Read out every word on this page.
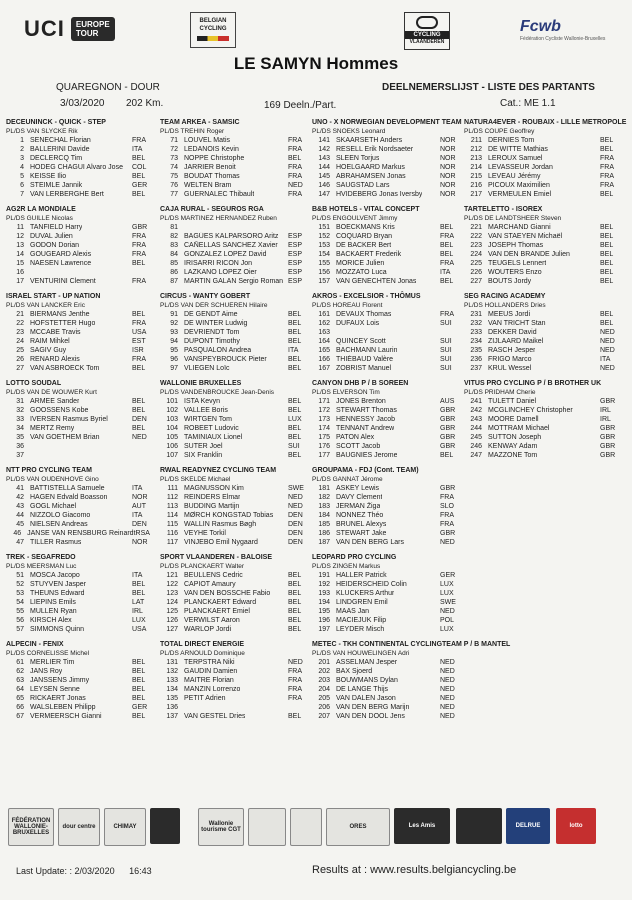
UCI	EUROPE
TOUR
BELGIAN
CYCLING
CYCLING
VLAANDEREN
Fcwb
Fédération Cycliste Wallonie-Bruxelles
LE SAMYN Hommes
QUAREGNON - DOUR	DEELNEMERSLIJST - LISTE DES PARTANTS
3/03/2020 202 Km.	169 Deeln./Part.	Cat.: ME 1.1
DECEUNINCK - QUICK - STEP
PL/DS VAN SLYCKE Rik
1 SENECHAL Florian	FRA
2 BALLERINI Davide	ITA
3 DECLERCQ Tim	BEL
4 HODEG CHAGUI Alvaro Jose COL
5 KEISSE Ilio	BEL
6 STEIMLE Jannik	GER
7 VAN LERBERGHE Bert	BEL
AG2R LA MONDIALE
PL/DS GUILLE Nicolas
11 TANFIELD Harry	GBR
12 DUVAL Julien	FRA
13 GODON Dorian	FRA
14 GOUGEARD Alexis	FRA
15 NAESEN Lawrence	BEL
16
17 VENTURINI Clement	FRA
ISRAEL START - UP NATION
PL/DS VAN LANCKER Eric
21 BIERMANS Jenthe	BEL
22 HOFSTETTER Hugo	FRA
23 MCCABE Travis	USA
24 RAIM Mihkel	EST
25 SAGIV Guy	ISR
26 RENARD Alexis	FRA
27 VAN ASBROECK Tom	BEL
LOTTO SOUDAL
PL/DS VAN DE WOUWER Kurt
31 ARMEE Sander	BEL
32 GOOSSENS Kobe	BEL
33 IVERSEN Rasmus Byriel	DEN
34 MERTZ Remy	BEL
35 VAN GOETHEM Brian	NED
36
37
NTT PRO CYCLING TEAM
PL/DS VAN OUDENHOVE Gino
41 BATTISTELLA Samuele	ITA
42 HAGEN Edvald Boasson	NOR
43 GOGL Michael	AUT
44 NIZZOLO Giacomo	ITA
45 NIELSEN Andreas	DEN
46 JANSE VAN RENSBURG Reinardt RSA
47 TILLER Rasmus	NOR
TREK - SEGAFREDO
PL/DS MEERSMAN Luc
51 MOSCA Jacopo	ITA
52 STUYVEN Jasper	BEL
53 THEUNS Edward	BEL
54 LIEPINS Emils	LAT
55 MULLEN Ryan	IRL
56 KIRSCH Alex	LUX
57 SIMMONS Quinn	USA
ALPECIN - FENIX
PL/DS CORNELISSE Michel
61 MERLIER Tim	BEL
62 JANS Roy	BEL
63 JANSSENS Jimmy	BEL
64 LEYSEN Senne	BEL
65 RICKAERT Jonas	BEL
66 WALSLEBEN Philipp	GER
67 VERMEERSCH Gianni	BEL
TEAM ARKEA - SAMSIC
PL/DS TREHIN Roger
71 LOUVEL Matis	FRA
72 LEDANOIS Kevin	FRA
73 NOPPE Christophe	BEL
74 JARRIER Benoit	FRA
75 BOUDAT Thomas	FRA
76 WELTEN Bram	NED
77 GUERNALEC Thibault	FRA
CAJA RURAL - SEGUROS RGA
PL/DS MARTINEZ HERNANDEZ Ruben
81
82 BAGÜES KALPARSORO Aritz ESP
83 CAÑELLAS SANCHEZ Xavier ESP
84 GONZALEZ LOPEZ David	ESP
85 IRISARRI RICON Jon	ESP
86 LAZKANO LOPEZ Oier	ESP
87 MARTIN GALAN Sergio Roman ESP
CIRCUS - WANTY GOBERT
PL/DS VAN DER SCHUEREN Hilaire
91 DE GENDT Aime	BEL
92 DE WINTER Ludwig	BEL
93 DEVRIENDT Tom	BEL
94 DUPONT Timothy	BEL
95 PASQUALON Andrea	ITA
96 VANSPEYBROUCK Pieter	BEL
97 VLIEGEN Loïc	BEL
WALLONIE BRUXELLES
PL/DS VANDENBROUCKE Jean-Denis
101 ISTA Kevyn	BEL
102 VALLEE Boris	BEL
103 WIRTGEN Tom	LUX
104 ROBEET Ludovic	BEL
105 TAMINIAUX Lionel	BEL
106 SUTER Joel	SUI
107 SIX Franklin	BEL
RWAL READYNEZ CYCLING TEAM
PL/DS SKELDE Michael
111 MAGNUSSON Kim	SWE
112 REINDERS Elmar	NED
113 BUDDING Martijn	NED
114 MØRCH KONGSTAD Tobias DEN
115 WALLIN Rasmus Bøgh	DEN
116 VEYHE Torkil	DEN
117 VINJEBO Emil Nygaard	DEN
SPORT VLAANDEREN - BALOISE
PL/DS PLANCKAERT Walter
121 BEULLENS Cedric	BEL
122 CAPIOT Amaury	BEL
123 VAN DEN BOSSCHE Fabio	BEL
124 PLANCKAERT Edward	BEL
125 PLANCKAERT Emiel	BEL
126 VERWILST Aaron	BEL
127 WARLOP Jordi	BEL
TOTAL DIRECT ENERGIE
PL/DS ARNOULD Dominique
131 TERPSTRA Niki	NED
132 GAUDIN Damien	FRA
133 MAITRE Florian	FRA
134 MANZIN Lorrenzo	FRA
135 PETIT Adrien	FRA
136
137 VAN GESTEL Dries	BEL
UNO - X NORWEGIAN DEVELOPMENT TEAM
PL/DS SNOEKS Leonard
141 SKAARSETH Anders	NOR
142 RESELL Erik Nordsaeter	NOR
143 SLEEN Torjus	NOR
144 HOELGAARD Markus	NOR
145 ABRAHAMSEN Jonas	NOR
146 SAUGSTAD Lars	NOR
147 HVIDEBERG Jonas Iversby	NOR
B&B HOTELS - VITAL CONCEPT
PL/DS ENGOULVENT Jimmy
151 BOECKMANS Kris	BEL
152 COQUARD Bryan	FRA
153 DE BACKER Bert	BEL
154 BACKAERT Frederik	BEL
155 MORICE Julien	FRA
156 MOZZATO Luca	ITA
157 VAN GENECHTEN Jonas	BEL
AKROS - EXCELSIOR - THÔMUS
PL/DS HOREAU Florent
161 DEVAUX Thomas	FRA
162 DUFAUX Lois	SUI
163
164 QUINCEY Scott	SUI
165 BACHMANN Laurin	SUI
166 THIÉBAUD Valère	SUI
167 ZOBRIST Manuel	SUI
CANYON DHB P / B SOREEN
PL/DS ELVERSON Tim
171 JONES Brenton	AUS
172 STEWART Thomas	GBR
173 HENNESSY Jacob	GBR
174 TENNANT Andrew	GBR
175 PATON Alex	GBR
176 SCOTT Jacob	GBR
177 BAUGNIES Jerome	BEL
GROUPAMA - FDJ (Cont. TEAM)
PL/DS GANNAT Jérome
181 ASKEY Lewis	GBR
182 DAVY Clement	FRA
183 JERMAN Žiga	SLO
184 NONNEZ Théo	FRA
185 BRUNEL Alexys	FRA
186 STEWART Jake	GBR
187 VAN DEN BERG Lars	NED
LEOPARD PRO CYCLING
PL/DS ZINGEN Markus
191 HALLER Patrick	GER
192 HEIDERSCHEID Colin	LUX
193 KLUCKERS Arthur	LUX
194 LINDGREN Emil	SWE
195 MAAS Jan	NED
196 MACIEJUK Filip	POL
197 LEYDER Misch	LUX
METEC - TKH CONTINENTAL CYCLINGTEAM P / B MANTEL
PL/DS VAN HOUWELINGEN Adri
201 ASSELMAN Jesper	NED
202 BAX Sjoerd	NED
203 BOUWMANS Dylan	NED
204 DE LANGE Thijs	NED
205 VAN DALEN Jason	NED
206 VAN DEN BERG Marijn	NED
207 VAN DEN DOOL Jens	NED
NATURA4EVER - ROUBAIX - LILLE METROPOLE
PL/DS COUPE Geoffrey
211 DERNIES Tom	BEL
212 DE WITTE Mathias	BEL
213 LEROUX Samuel	FRA
214 LEVASSEUR Jordan	FRA
215 LEVEAU Jérémy	FRA
216 PICOUX Maximilien	FRA
217 VERMEULEN Emiel	BEL
TARTELETTO - ISOREX
PL/DS DE LANDTSHEER Steven
221 MARCHAND Gianni	BEL
222 VAN STAEYEN Michaël	BEL
223 JOSEPH Thomas	BEL
224 VAN DEN BRANDE Julien	BEL
225 TEUGELS Lennert	BEL
226 WOUTERS Enzo	BEL
227 BOUTS Jordy	BEL
SEG RACING ACADEMY
PL/DS HOLLANDERS Dries
231 MEEUS Jordi	BEL
232 VAN TRICHT Stan	BEL
233 DEKKER David	NED
234 ZIJLAARD Maikel	NED
235 RASCH Jesper	NED
236 FRIGO Marco	ITA
237 KRUL Wessel	NED
VITUS PRO CYCLING P / B BROTHER UK
PL/DS PRIDHAM Cherie
241 TULETT Daniel	GBR
242 MCGLINCHEY Christopher	IRL
243 MOORE Darnell	IRL
244 MOTTRAM Michael	GBR
245 SUTTON Joseph	GBR
246 KENWAY Adam	GBR
247 MAZZONE Tom	GBR
FÉDÉRATION WALLONIE-BRUXELLES
dour centre	CHIMAY	Wallonie tourisme CGT	ORES	Les Amis	DELRUE	lotto
Last Update: : 2/03/2020 16:43	Results at : www.results.belgiancycling.be
